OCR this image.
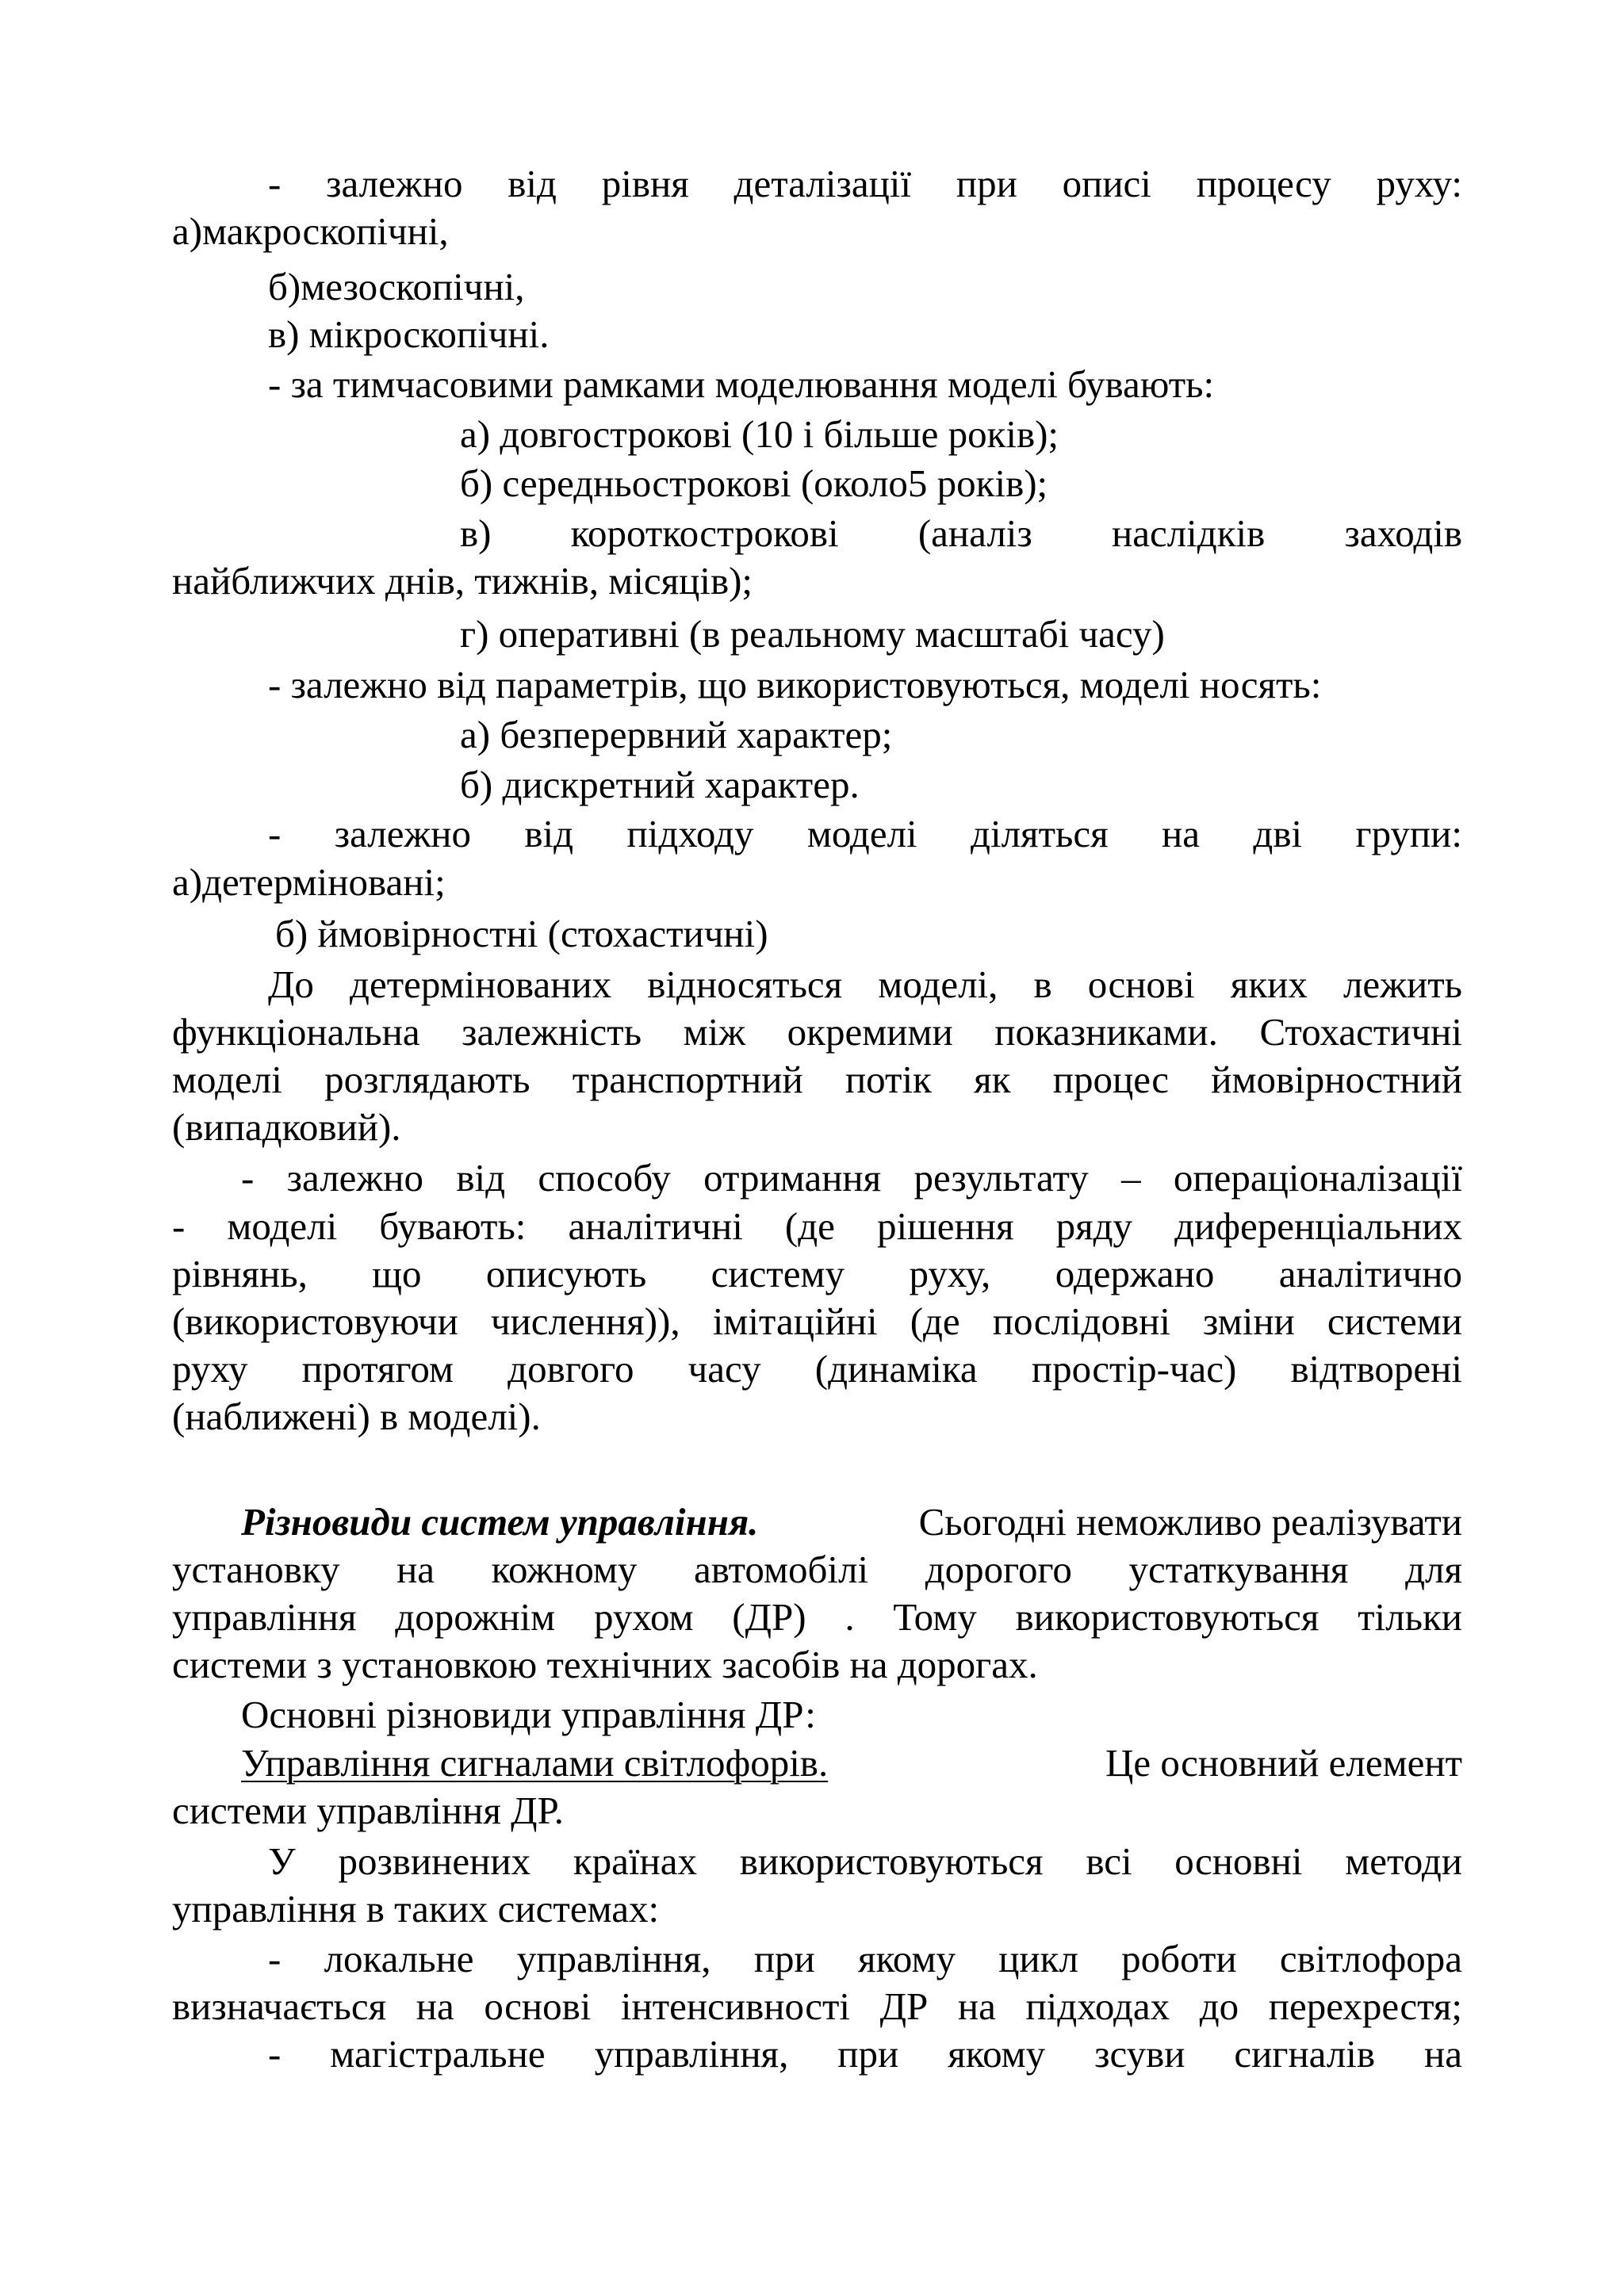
- залежно від рівня деталізації при описі процесу руху:
а)макроскопічні,
б)мезоскопічні,
в) мікроскопічні.
- за тимчасовими рамками моделювання моделі бувають:
а) довгострокові (10 і більше років);
б) середньострокові (около5 років);
в) короткострокові (аналіз наслідків заходів
найближчих днів, тижнів, місяців);
г) оперативні (в реальному масштабі часу)
- залежно від параметрів, що використовуються, моделі носять:
а) безперервний характер;
б) дискретний характер.
- залежно від підходу моделі діляться на дві групи:
а)детерміновані;
б) ймовірностні (стохастичні)
До детермінованих відносяться моделі, в основі яких лежить
функціональна залежність між окремими показниками. Стохастичні
моделі розглядають транспортний потік як процес ймовірностний
(випадковий).
- залежно від способу отримання результату – операціоналізації
- моделі бувають: аналітичні (де рішення ряду диференціальних
рівнянь, що описують систему руху, одержано аналітично
(використовуючи числення)), імітаційні (де послідовні зміни системи
руху протягом довгого часу (динаміка простір-час) відтворені
(наближені) в моделі).
Різновиди систем управління.	Сьогодні неможливо реалізувати
установку на кожному автомобілі дорогого устаткування для
управління дорожнім рухом (ДР) . Тому використовуються тільки
системи з установкою технічних засобів на дорогах.
Основні різновиди управління ДР:
Управління сигналами світлофорів.	Це основний елемент
системи управління ДР.
У розвинених країнах використовуються всі основні методи
управління в таких системах:
- локальне управління, при якому цикл роботи світлофора
визначається на основі інтенсивності ДР на підходах до перехрестя;
- магістральне управління, при якому зсуви сигналів на
